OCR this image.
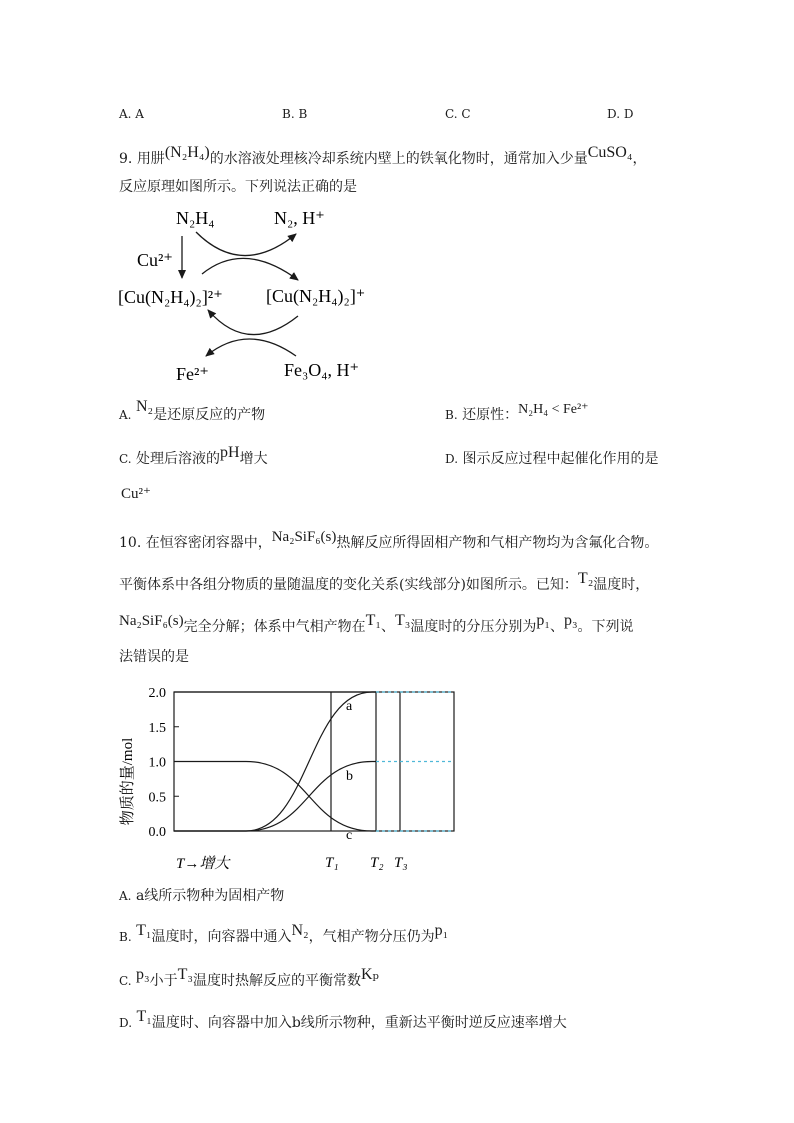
A. A	B. B	C. C	D. D
9. 用肼(N₂H₄)的水溶液处理核冷却系统内壁上的铁氧化物时，通常加入少量CuSO₄，
反应原理如图所示。下列说法正确的是
N₂H₄	N₂, H⁺
Cu²⁺
[Cu(N₂H₄)₂]²⁺ [Cu(N₂H₄)₂]⁺
Fe²⁺	Fe₃O₄, H⁺
A. N₂是还原反应的产物	B. 还原性：N₂H₄ < Fe²⁺
C. 处理后溶液的pH增大	D. 图示反应过程中起催化作用的是
Cu²⁺
10. 在恒容密闭容器中，Na₂SiF₆(s)热解反应所得固相产物和气相产物均为含氟化合物。
平衡体系中各组分物质的量随温度的变化关系(实线部分)如图所示。已知：T₂温度时，
Na₂SiF₆(s)完全分解；体系中气相产物在T₁、T₃温度时的分压分别为p₁、p₃。下列说
法错误的是
物质的量/mol
T→增大
2.0
1.5
1.0
0.5
0.0
T₁ T₂ T₃
a
b
c
A. a线所示物种为固相产物
B. T₁温度时，向容器中通入N₂，气相产物分压仍为p₁
C. p₃小于T₃温度时热解反应的平衡常数Kₚ
D. T₁温度时、向容器中加入b线所示物种，重新达平衡时逆反应速率增大
